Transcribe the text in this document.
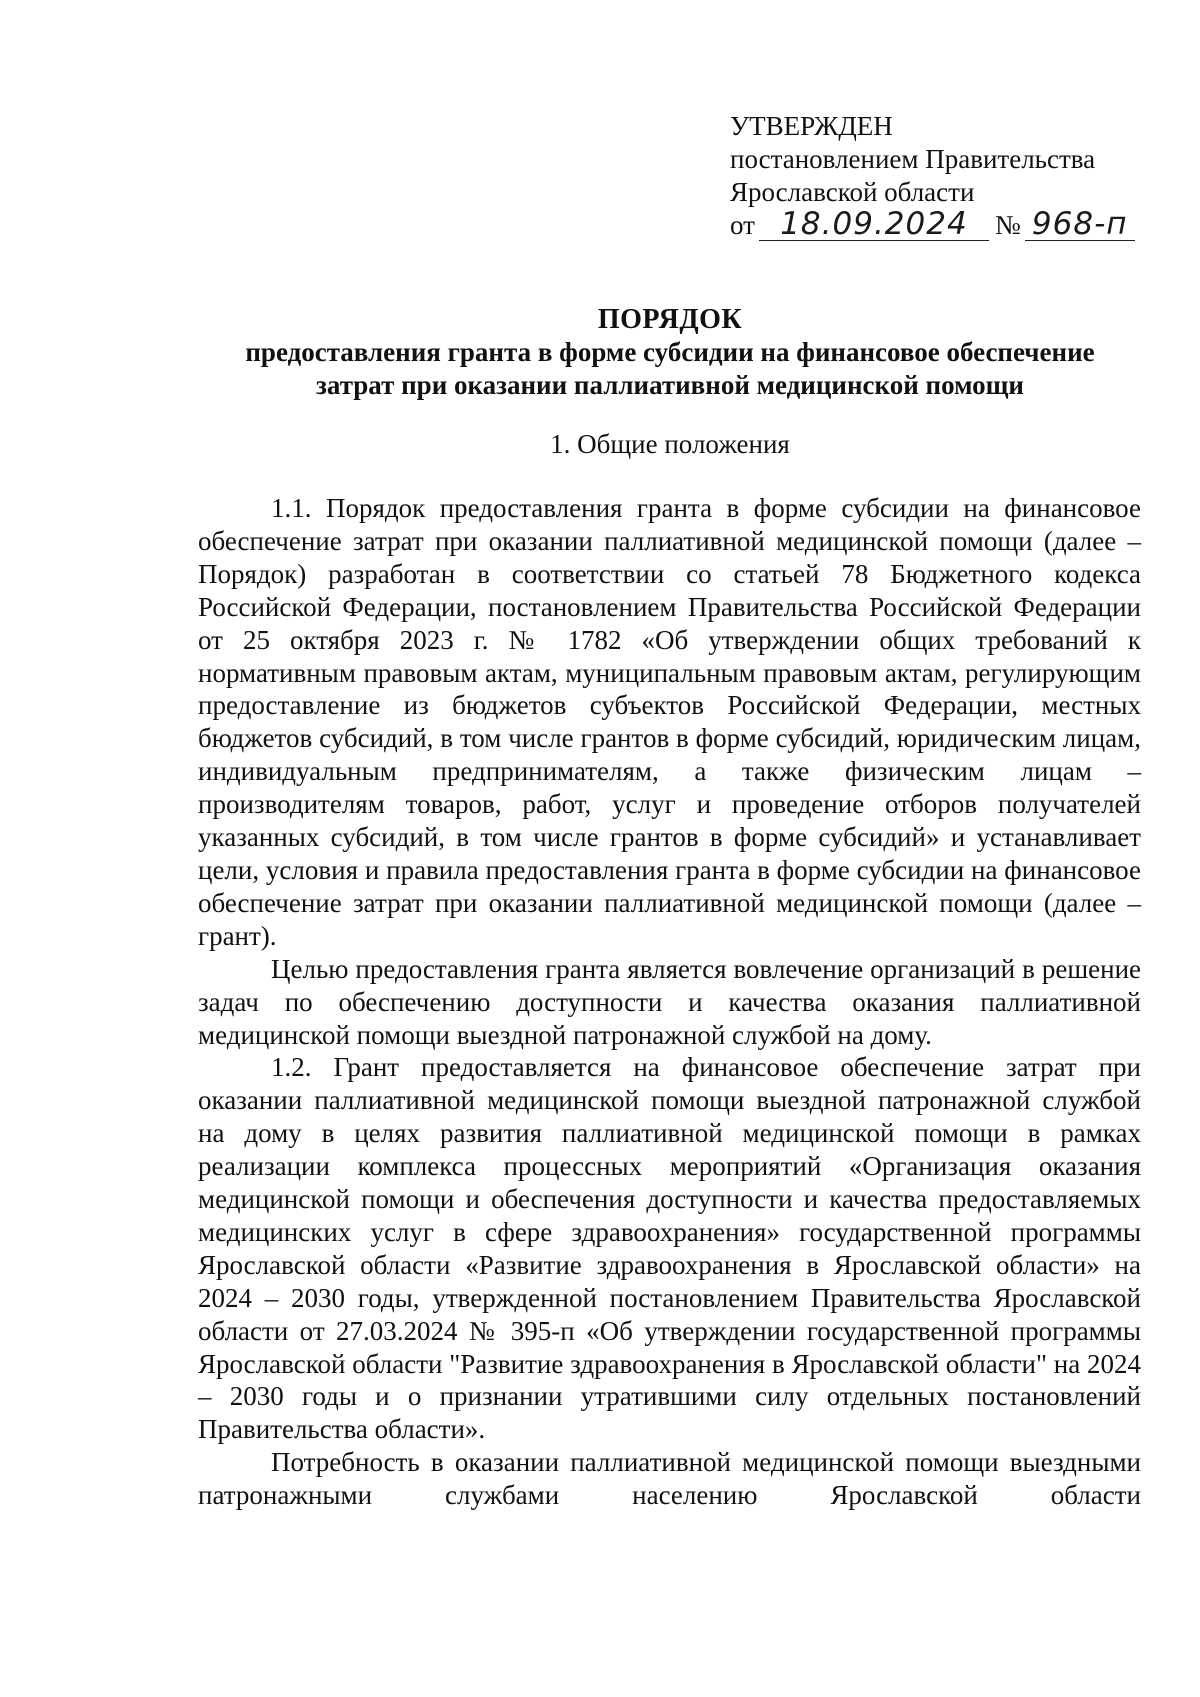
УТВЕРЖДЕН
постановлением Правительства
Ярославской области
от 18.09.2024 № 968-п
ПОРЯДОК
предоставления гранта в форме субсидии на финансовое обеспечение
затрат при оказании паллиативной медицинской помощи
1. Общие положения

1.1. Порядок предоставления гранта в форме субсидии на финансовое обеспечение затрат при оказании паллиативной медицинской помощи (далее – Порядок) разработан в соответствии со статьей 78 Бюджетного кодекса Российской Федерации, постановлением Правительства Российской Федерации от 25 октября 2023 г. № 1782 «Об утверждении общих требований к нормативным правовым актам, муниципальным правовым актам, регулирующим предоставление из бюджетов субъектов Российской Федерации, местных бюджетов субсидий, в том числе грантов в форме субсидий, юридическим лицам, индивидуальным предпринимателям, а также физическим лицам – производителям товаров, работ, услуг и проведение отборов получателей указанных субсидий, в том числе грантов в форме субсидий» и устанавливает цели, условия и правила предоставления гранта в форме субсидии на финансовое обеспечение затрат при оказании паллиативной медицинской помощи (далее – грант).

Целью предоставления гранта является вовлечение организаций в решение задач по обеспечению доступности и качества оказания паллиативной медицинской помощи выездной патронажной службой на дому.

1.2. Грант предоставляется на финансовое обеспечение затрат при оказании паллиативной медицинской помощи выездной патронажной службой на дому в целях развития паллиативной медицинской помощи в рамках реализации комплекса процессных мероприятий «Организация оказания медицинской помощи и обеспечения доступности и качества предоставляемых медицинских услуг в сфере здравоохранения» государственной программы Ярославской области «Развитие здравоохранения в Ярославской области» на 2024 – 2030 годы, утвержденной постановлением Правительства Ярославской области от 27.03.2024 № 395-п «Об утверждении государственной программы Ярославской области "Развитие здравоохранения в Ярославской области" на 2024 – 2030 годы и о признании утратившими силу отдельных постановлений Правительства области».

Потребность в оказании паллиативной медицинской помощи выездными патронажными службами населению Ярославской области
